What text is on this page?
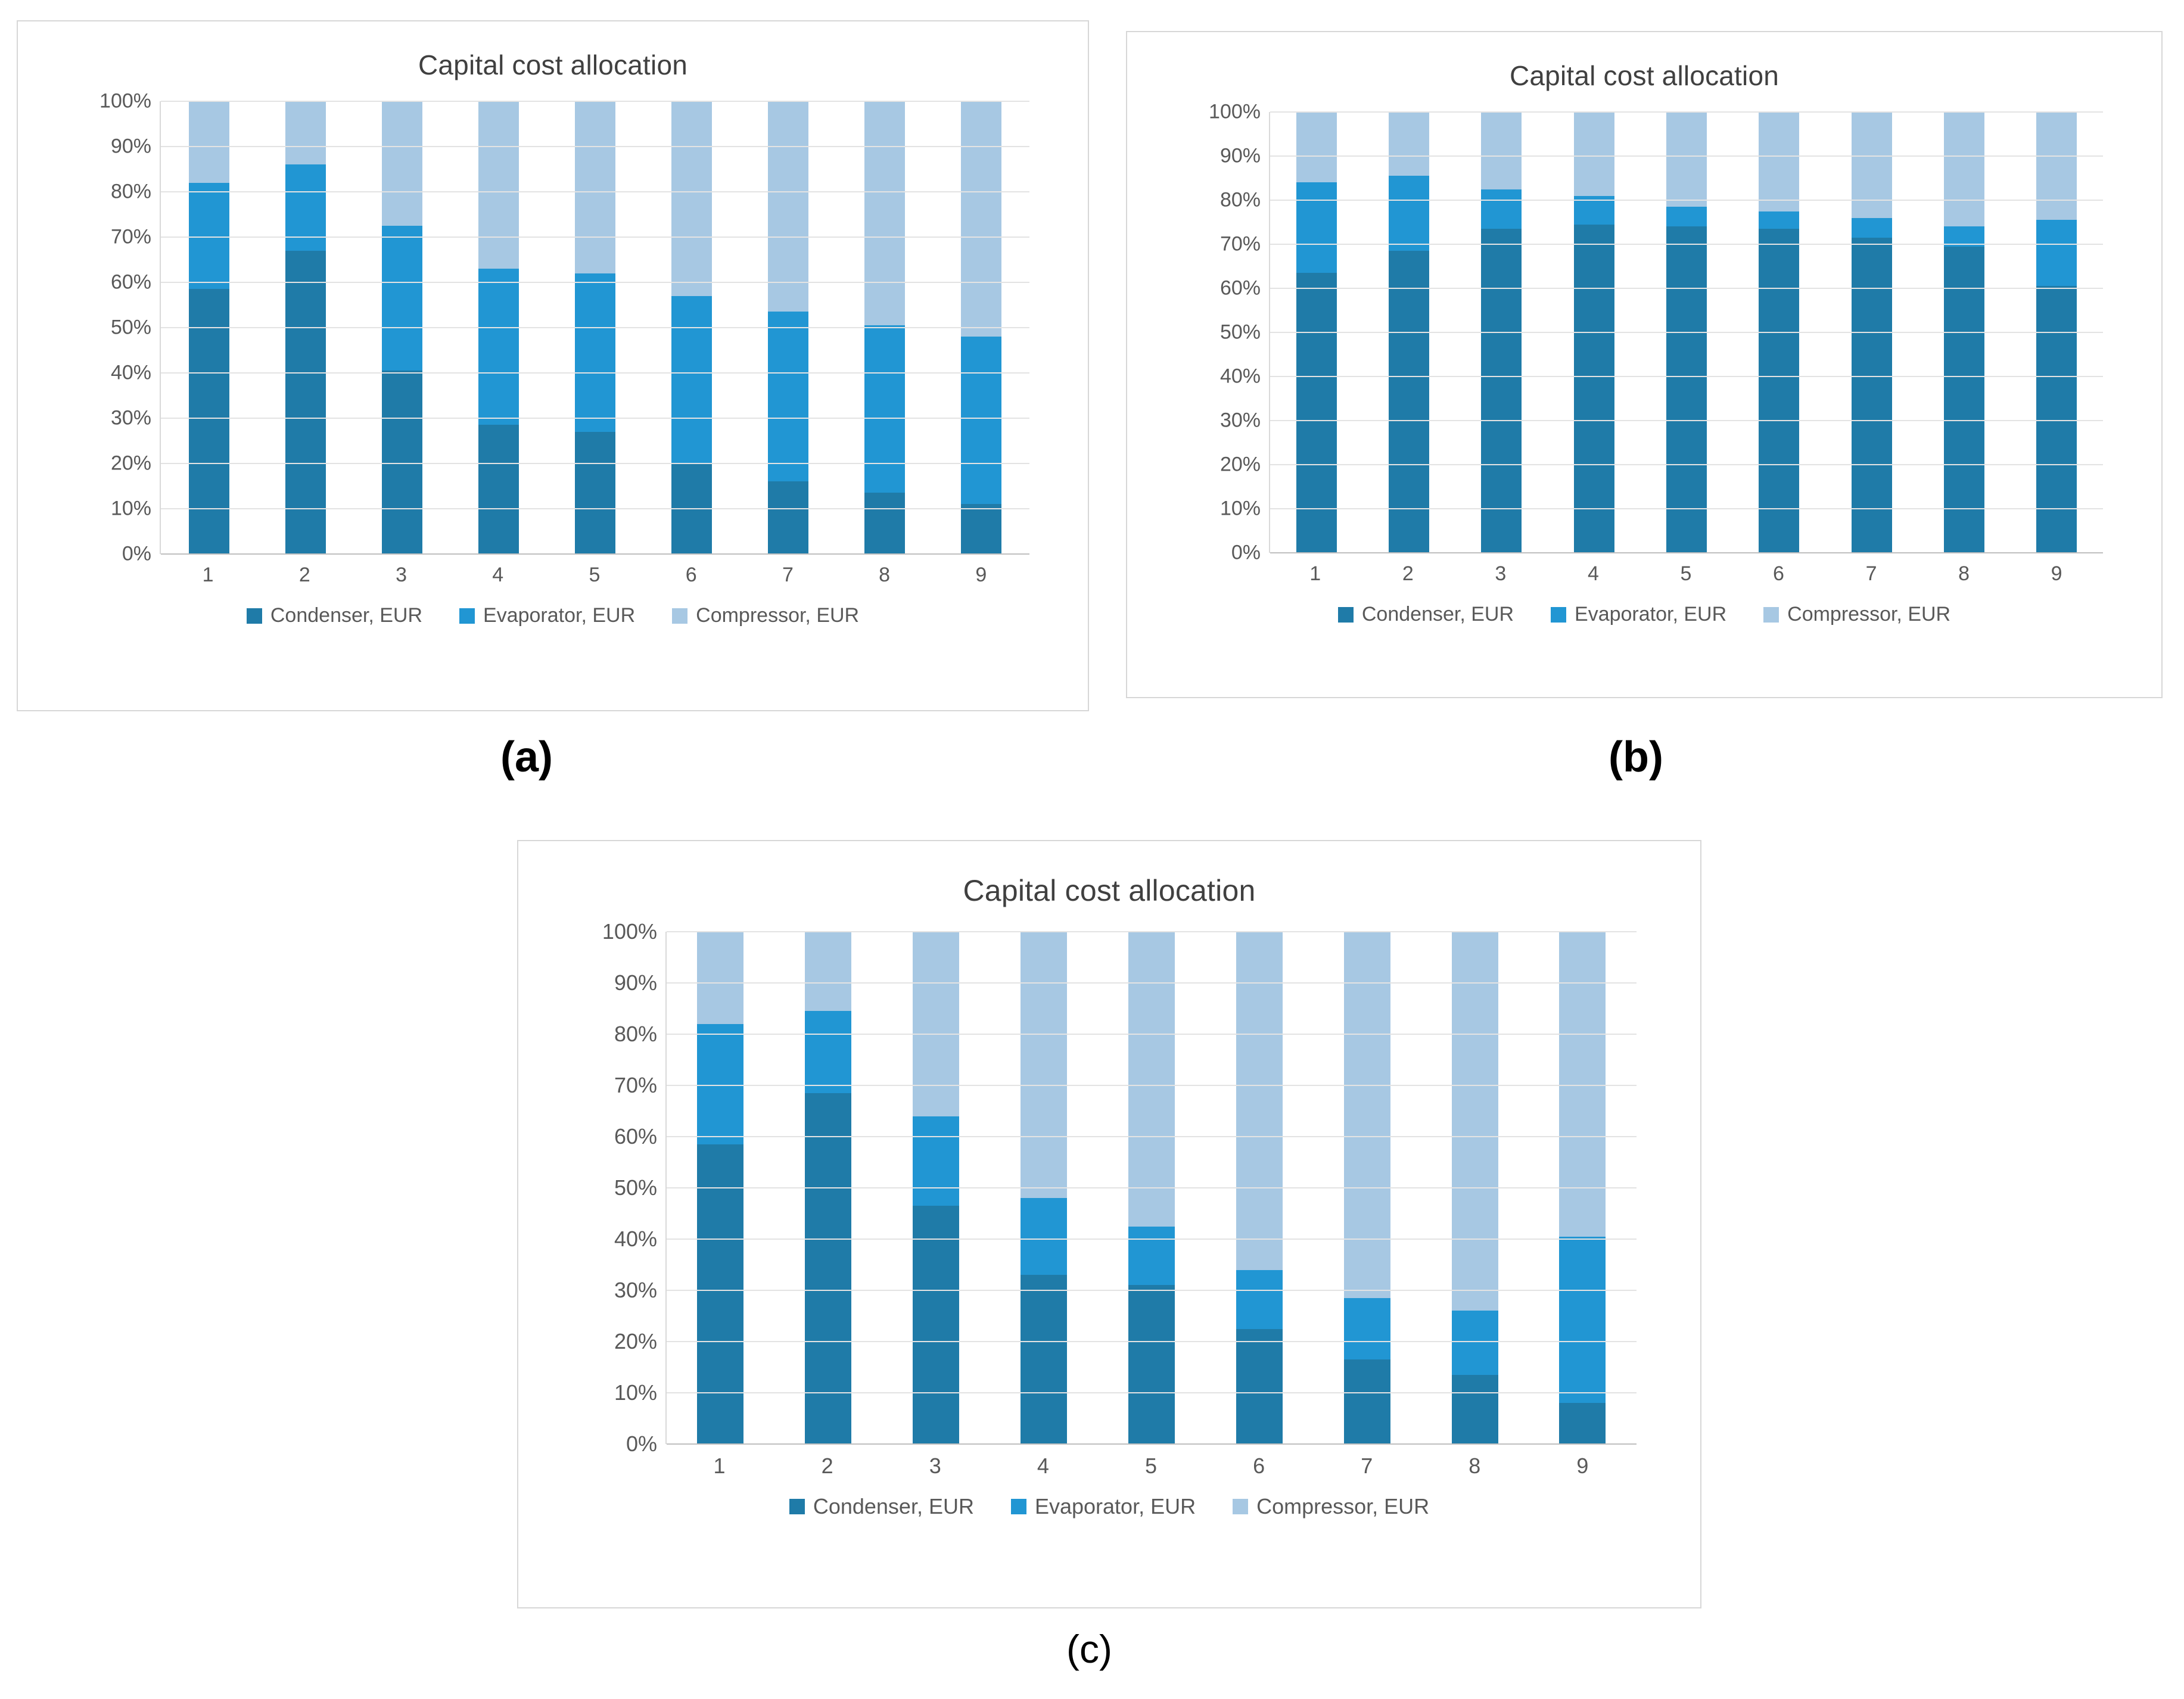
Capital cost allocation
100%
90%
80%
70%
60%
50%
40%
30%
20%
10%
0%
1	2	3	4	5	6	7	8	9
Condenser, EUR	Evaporator, EUR	Compressor, EUR
Capital cost allocation
100%
90%
80%
70%
60%
50%
40%
30%
20%
10%
0%
1	2	3	4	5	6	7	8	9
Condenser, EUR	Evaporator, EUR	Compressor, EUR
Capital cost allocation
100%
90%
80%
70%
60%
50%
40%
30%
20%
10%
0%
1	2	3	4	5	6	7	8	9
Condenser, EUR	Evaporator, EUR	Compressor, EUR
(a)	(b)
(c)
